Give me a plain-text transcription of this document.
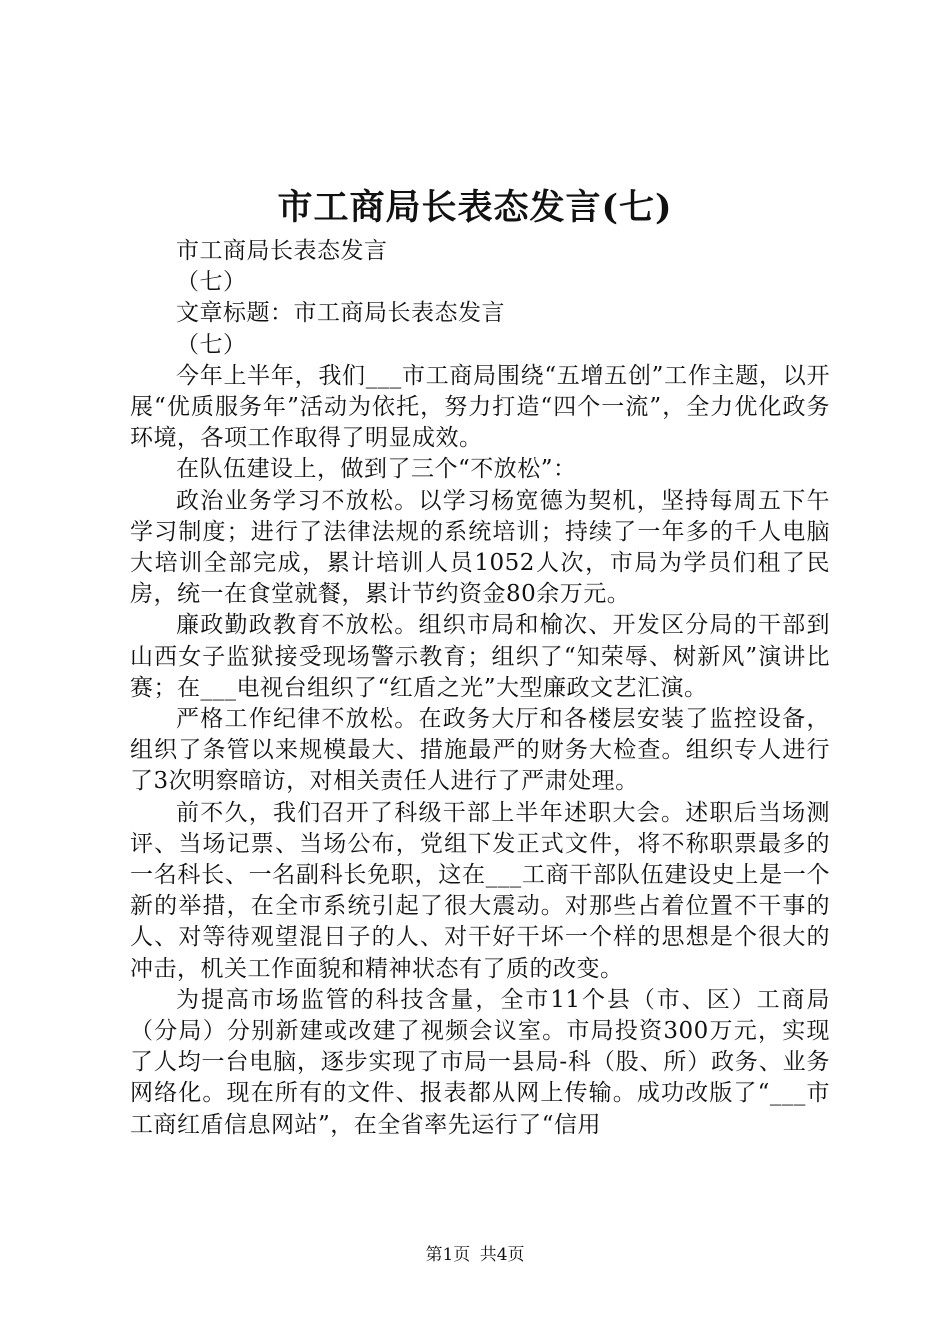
市工商局长表态发言(七)

市工商局长表态发言

（七）

文章标题：市工商局长表态发言

（七）

今年上半年，我们___市工商局围绕“五增五创”工作主题，以开展“优质服务年”活动为依托，努力打造“四个一流”，全力优化政务环境，各项工作取得了明显成效。

在队伍建设上，做到了三个“不放松”：

政治业务学习不放松。以学习杨宽德为契机，坚持每周五下午学习制度；进行了法律法规的系统培训；持续了一年多的千人电脑大培训全部完成，累计培训人员1052人次，市局为学员们租了民房，统一在食堂就餐，累计节约资金80余万元。

廉政勤政教育不放松。组织市局和榆次、开发区分局的干部到山西女子监狱接受现场警示教育；组织了“知荣辱、树新风”演讲比赛；在___电视台组织了“红盾之光”大型廉政文艺汇演。

严格工作纪律不放松。在政务大厅和各楼层安装了监控设备，组织了条管以来规模最大、措施最严的财务大检查。组织专人进行了3次明察暗访，对相关责任人进行了严肃处理。

前不久，我们召开了科级干部上半年述职大会。述职后当场测评、当场记票、当场公布，党组下发正式文件，将不称职票最多的一名科长、一名副科长免职，这在___工商干部队伍建设史上是一个新的举措，在全市系统引起了很大震动。对那些占着位置不干事的人、对等待观望混日子的人、对干好干坏一个样的思想是个很大的冲击，机关工作面貌和精神状态有了质的改变。

为提高市场监管的科技含量，全市11个县（市、区）工商局（分局）分别新建或改建了视频会议室。市局投资300万元，实现了人均一台电脑，逐步实现了市局一县局-科（股、所）政务、业务网络化。现在所有的文件、报表都从网上传输。成功改版了“___市工商红盾信息网站”，在全省率先运行了“信用

第1页 共4页
